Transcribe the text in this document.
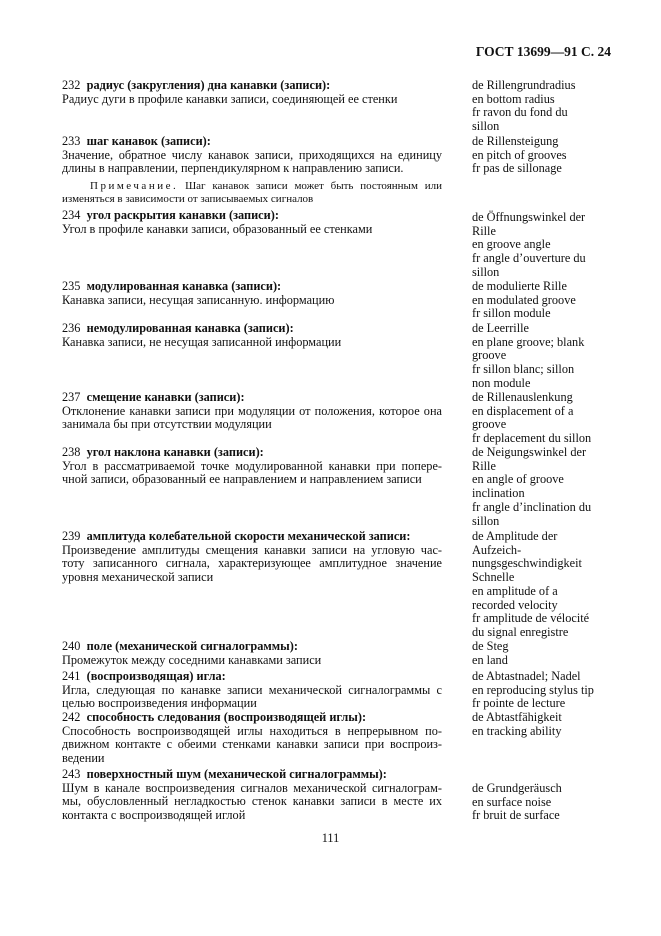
ГОСТ 13699—91 С. 24
232 радиус (закругления) дна канавки (записи):
Радиус дуги в профиле канавки записи, соединяющей ее стенки
de Rillengrundradius
en bottom radius
fr ravon du fond du
sillon
233 шаг канавок (записи):
Значение, обратное числу канавок записи, приходящихся на единицу
длины в направлении, перпендикулярном к направлению записи.
de Rillensteigung
en pitch of grooves
fr pas de sillonage
234 угол раскрытия канавки (записи):
Угол в профиле канавки записи, образованный ее стенками
de Öffnungswinkel der
Rille
en groove angle
fr angle d’ouverture du
sillon
235 модулированная канавка (записи):
Канавка записи, несущая записанную. информацию
de modulierte Rille
en modulated groove
fr sillon module
236 немодулированная канавка (записи):
Канавка записи, не несущая записанной информации
de Leerrille
en plane groove; blank
groove
fr sillon blanc; sillon
non module
237 смещение канавки (записи):
Отклонение канавки записи при модуляции от положения, которое она
занимала бы при отсутствии модуляции
de Rillenauslenkung
en displacement of a
groove
fr deplacement du sillon
238 угол наклона канавки (записи):
Угол в рассматриваемой точке модулированной канавки при попере-
чной записи, образованный ее направлением и направлением записи
de Neigungswinkel der
Rille
en angle of groove
inclination
fr angle d’inclination du
sillon
239 амплитуда колебательной скорости механической записи:
Произведение амплитуды смещения канавки записи на угловую час-
тоту записанного сигнала, характеризующее амплитудное значение
уровня механической записи
de Amplitude der
Aufzeich-
nungsgeschwindigkeit
Schnelle
en amplitude of a
recorded velocity
fr amplitude de vélocité
du signal enregistre
240 поле (механической сигналограммы):
Промежуток между соседними канавками записи
de Steg
en land
241 (воспроизводящая) игла:
Игла, следующая по канавке записи механической сигналограммы с
целью воспроизведения информации
de Abtastnadel; Nadel
en reproducing stylus tip
fr pointe de lecture
242 способность следования (воспроизводящей иглы):
Способность воспроизводящей иглы находиться в непрерывном по-
движном контакте с обеими стенками канавки записи при воспроиз-
ведении
de Abtastfähigkeit
en tracking ability
243 поверхностный шум (механической сигналограммы):
Шум в канале воспроизведения сигналов механической сигналограм-
мы, обусловленный негладкостью стенок канавки записи в месте их
контакта с воспроизводящей иглой
de Grundgeräusch
en surface noise
fr bruit de surface
Примечание. Шаг канавок записи может быть постоянным или
изменяться в зависимости от записываемых сигналов
111
